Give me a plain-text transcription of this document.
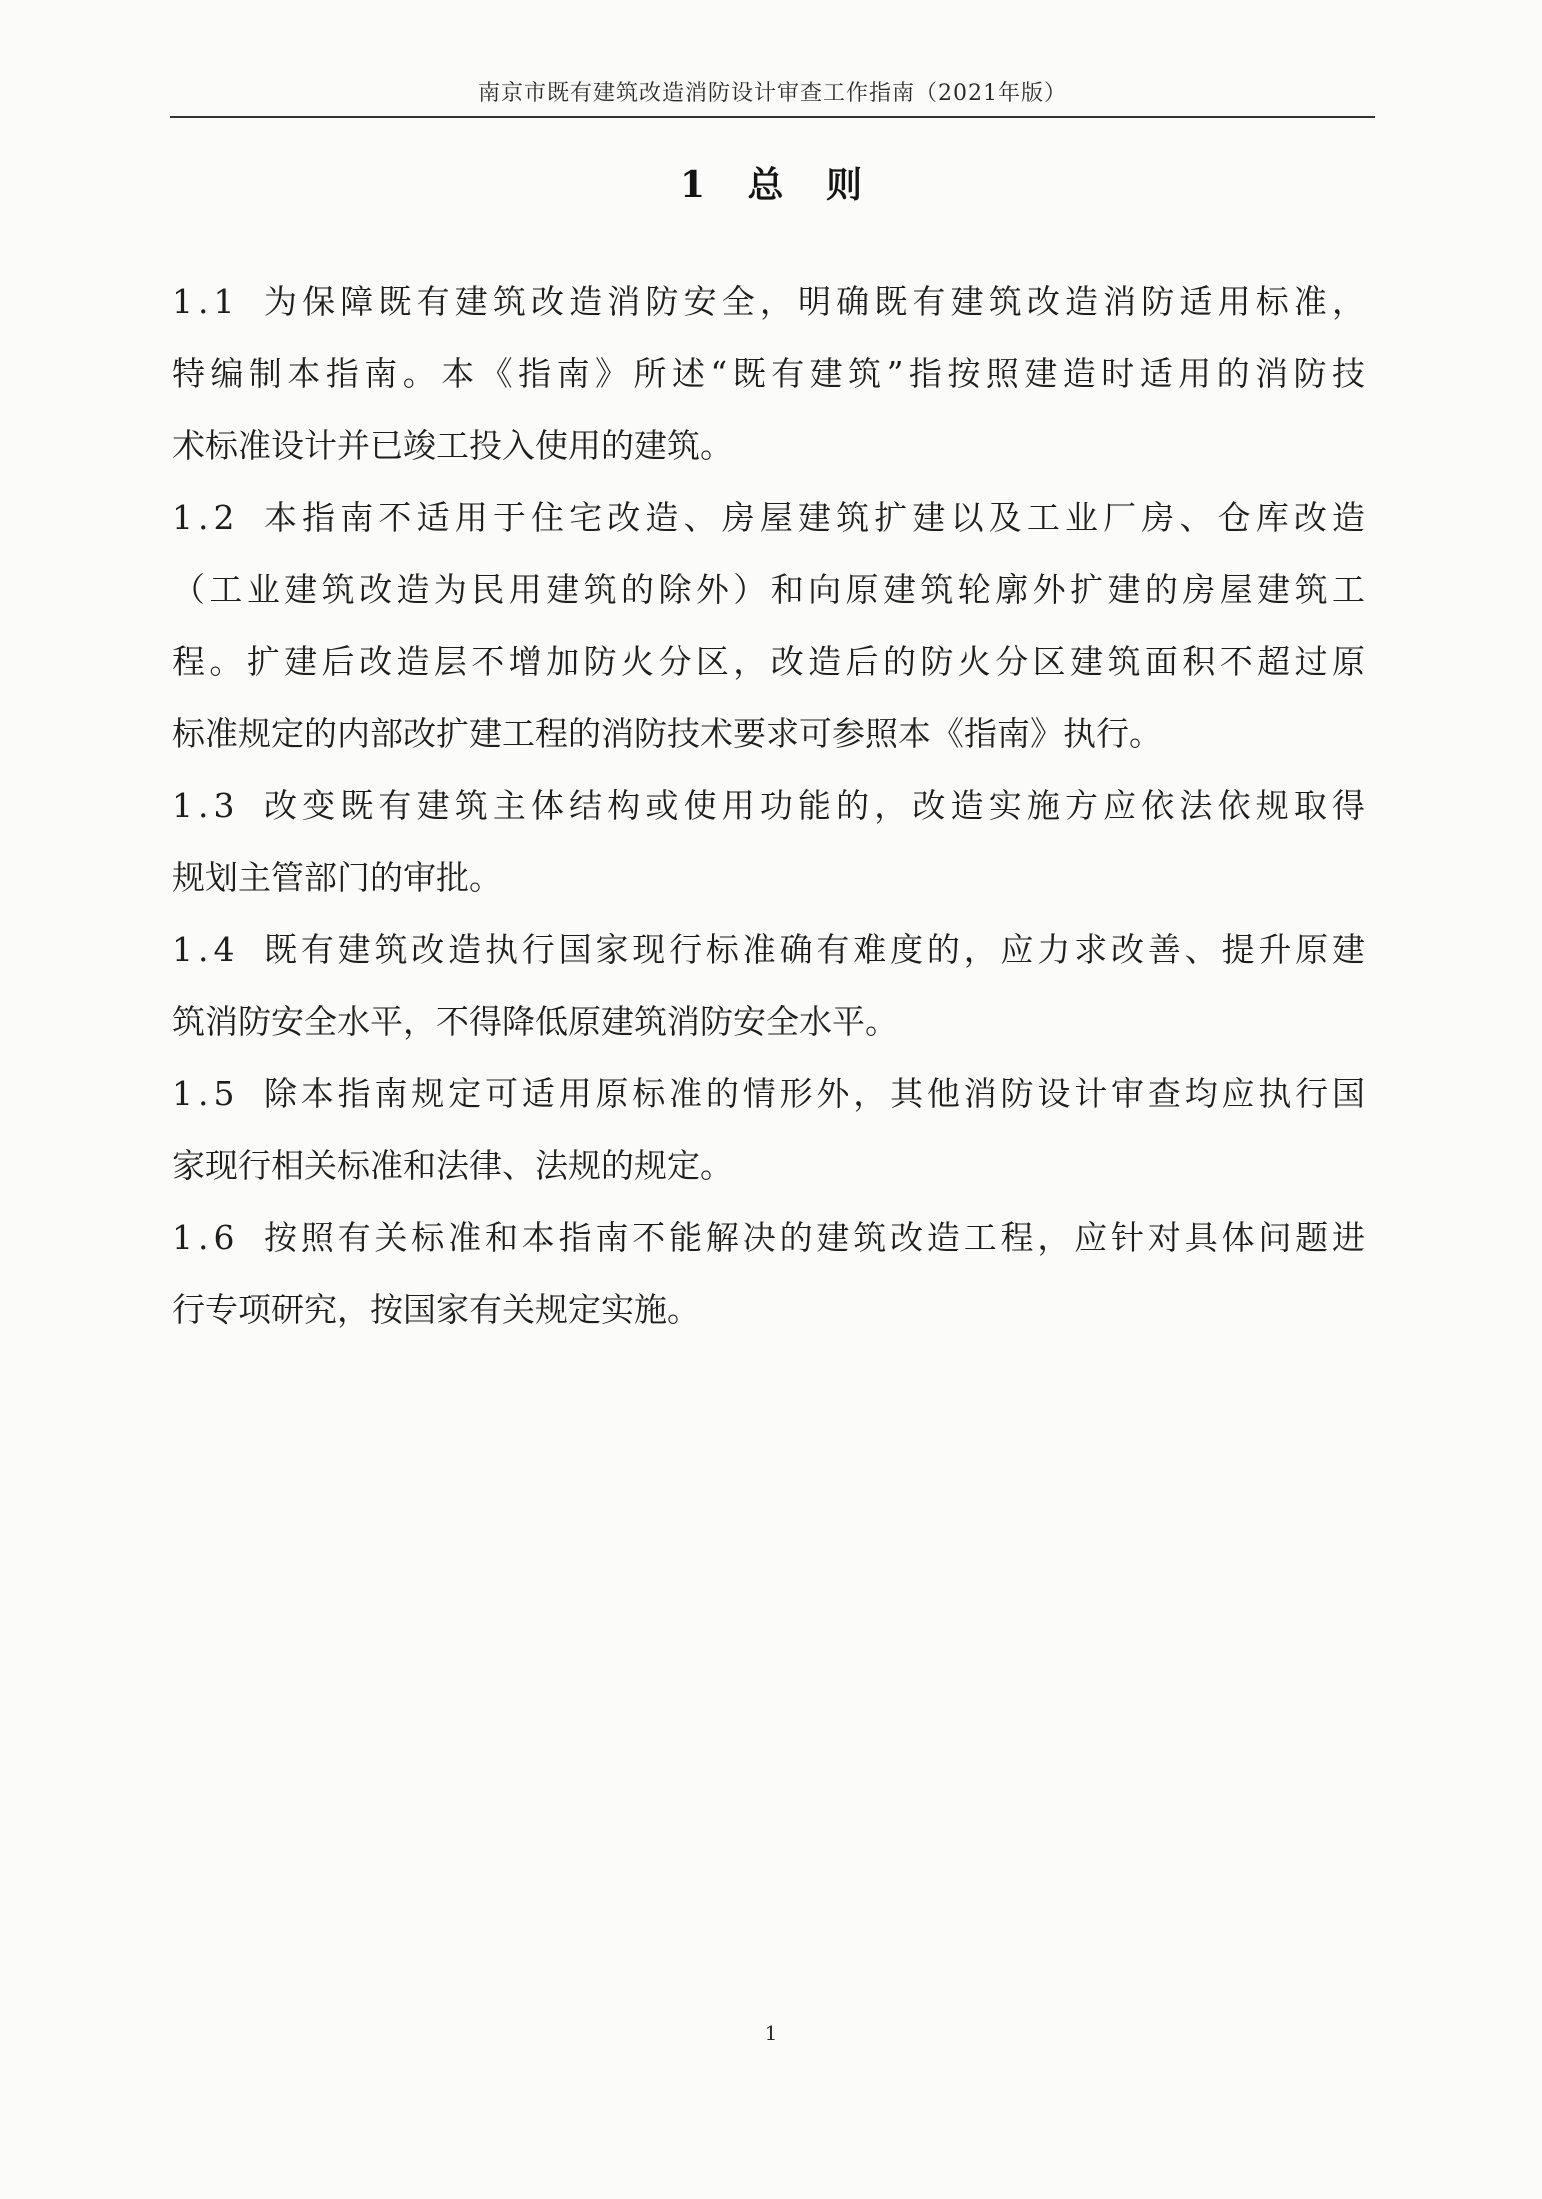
南京市既有建筑改造消防设计审查工作指南（2021年版）
1 总 则
1.1 为保障既有建筑改造消防安全，明确既有建筑改造消防适用标准，
特编制本指南。本《指南》所述“既有建筑”指按照建造时适用的消防技
术标准设计并已竣工投入使用的建筑。
1.2 本指南不适用于住宅改造、房屋建筑扩建以及工业厂房、仓库改造
（工业建筑改造为民用建筑的除外）和向原建筑轮廓外扩建的房屋建筑工
程。扩建后改造层不增加防火分区，改造后的防火分区建筑面积不超过原
标准规定的内部改扩建工程的消防技术要求可参照本《指南》执行。
1.3 改变既有建筑主体结构或使用功能的，改造实施方应依法依规取得
规划主管部门的审批。
1.4 既有建筑改造执行国家现行标准确有难度的，应力求改善、提升原建
筑消防安全水平，不得降低原建筑消防安全水平。
1.5 除本指南规定可适用原标准的情形外，其他消防设计审查均应执行国
家现行相关标准和法律、法规的规定。
1.6 按照有关标准和本指南不能解决的建筑改造工程，应针对具体问题进
行专项研究，按国家有关规定实施。
1
